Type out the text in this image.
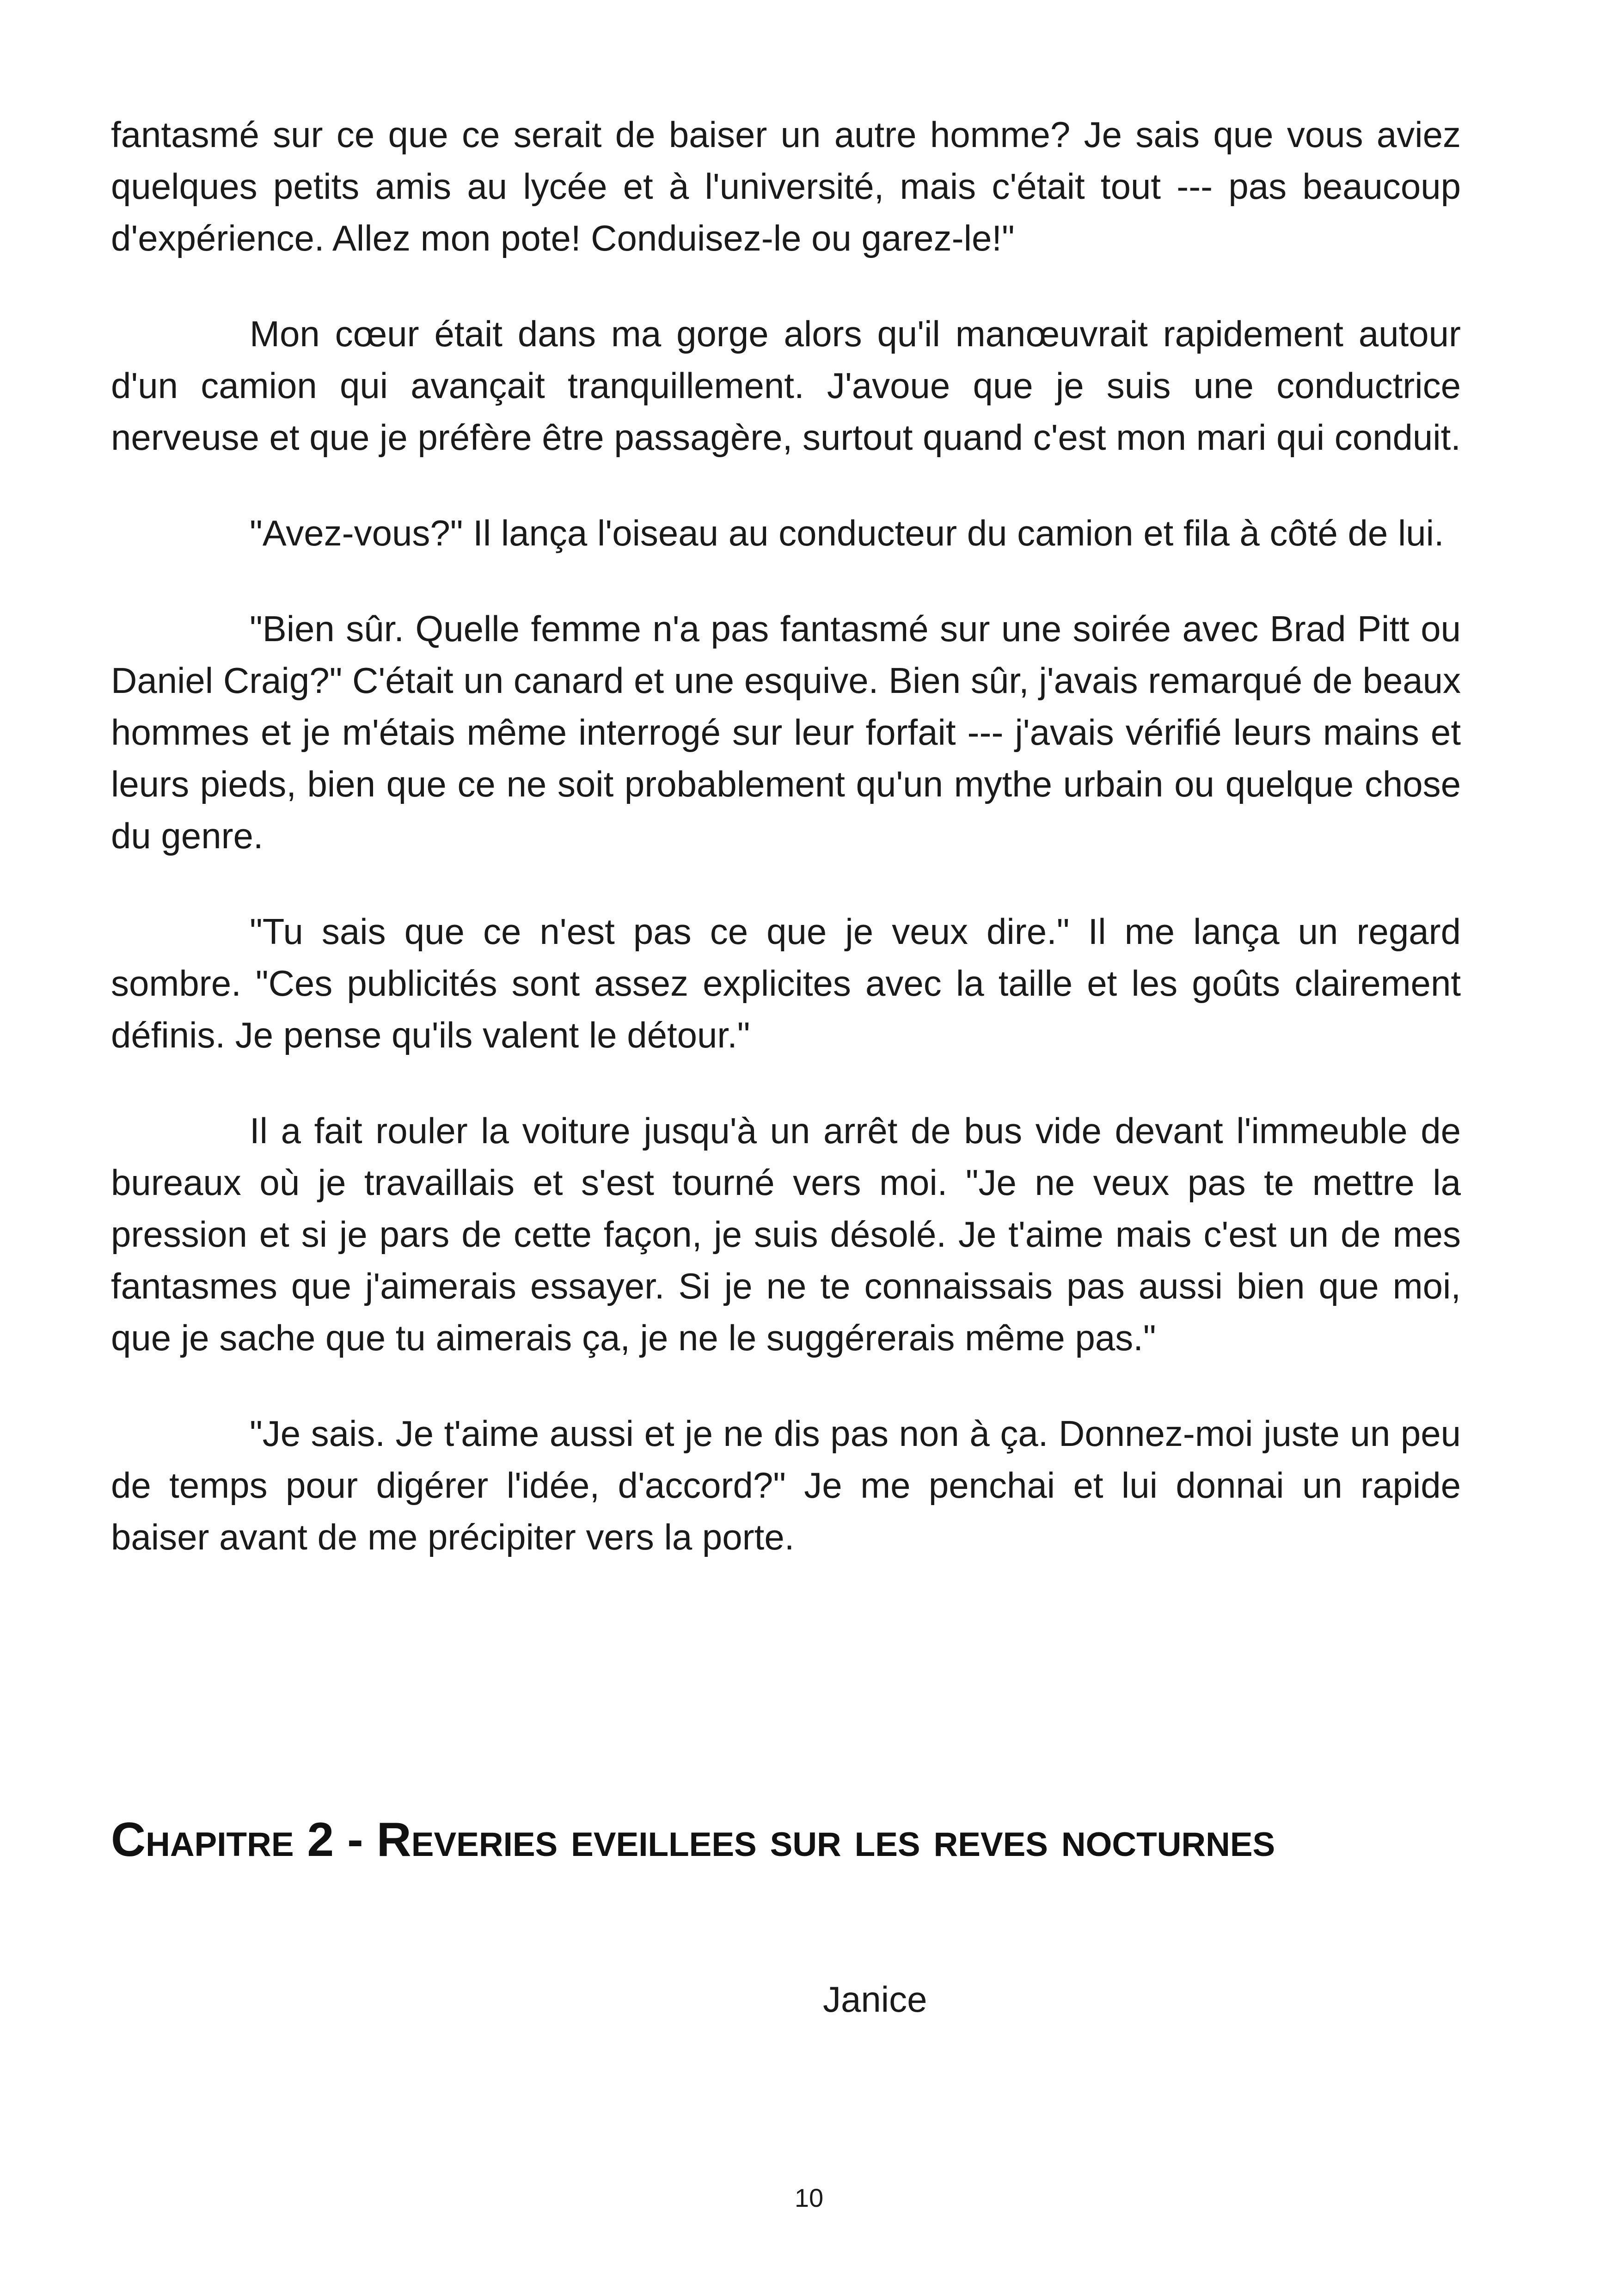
fantasmé sur ce que ce serait de baiser un autre homme? Je sais que vous aviez quelques petits amis au lycée et à l'université, mais c'était tout --- pas beaucoup d'expérience. Allez mon pote! Conduisez-le ou garez-le!"

Mon cœur était dans ma gorge alors qu'il manœuvrait rapidement autour d'un camion qui avançait tranquillement. J'avoue que je suis une conductrice nerveuse et que je préfère être passagère, surtout quand c'est mon mari qui conduit.

"Avez-vous?" Il lança l'oiseau au conducteur du camion et fila à côté de lui.

"Bien sûr. Quelle femme n'a pas fantasmé sur une soirée avec Brad Pitt ou Daniel Craig?" C'était un canard et une esquive. Bien sûr, j'avais remarqué de beaux hommes et je m'étais même interrogé sur leur forfait --- j'avais vérifié leurs mains et leurs pieds, bien que ce ne soit probablement qu'un mythe urbain ou quelque chose du genre.

"Tu sais que ce n'est pas ce que je veux dire." Il me lança un regard sombre. "Ces publicités sont assez explicites avec la taille et les goûts clairement définis. Je pense qu'ils valent le détour."

Il a fait rouler la voiture jusqu'à un arrêt de bus vide devant l'immeuble de bureaux où je travaillais et s'est tourné vers moi. "Je ne veux pas te mettre la pression et si je pars de cette façon, je suis désolé. Je t'aime mais c'est un de mes fantasmes que j'aimerais essayer. Si je ne te connaissais pas aussi bien que moi, que je sache que tu aimerais ça, je ne le suggérerais même pas."

"Je sais. Je t'aime aussi et je ne dis pas non à ça. Donnez-moi juste un peu de temps pour digérer l'idée, d'accord?" Je me penchai et lui donnai un rapide baiser avant de me précipiter vers la porte.

Chapitre 2 - Reveries eveillees sur les reves nocturnes

Janice

10
